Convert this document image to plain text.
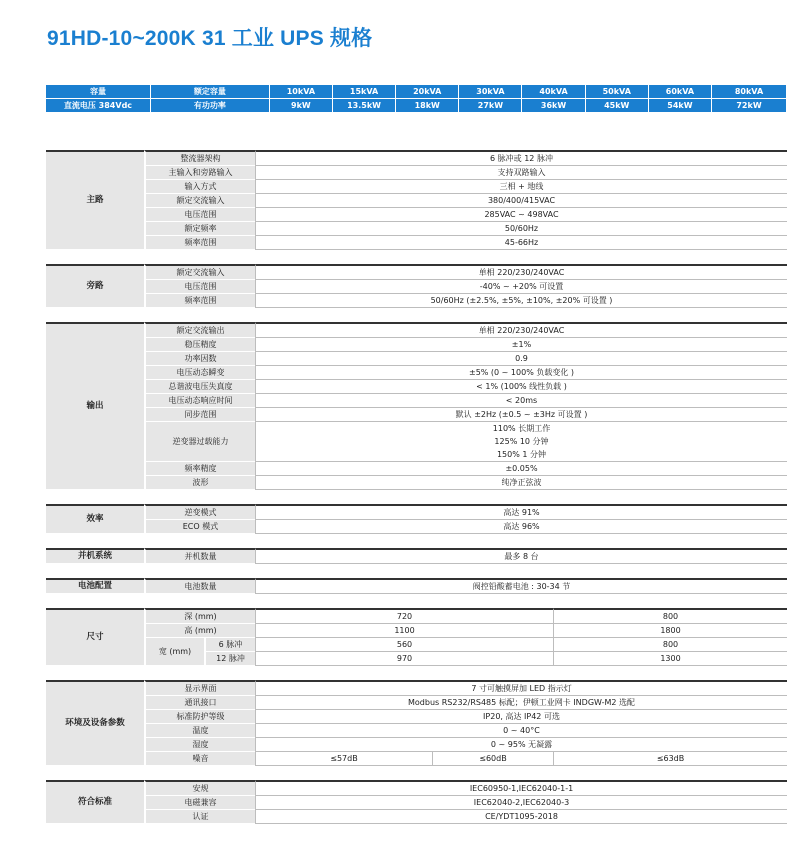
91HD-10~200K 31 工业 UPS 规格
容量	额定容量	10kVA	15kVA	20kVA	30kVA	40kVA	50kVA	60kVA	80kVA
直流电压 384Vdc	有功功率	9kW	13.5kW	18kW	27kW	36kW	45kW	54kW	72kW
主路	整流器架构	6 脉冲或 12 脉冲
	主输入和旁路输入	支持双路输入
	输入方式	三相 + 地线
	额定交流输入	380/400/415VAC
	电压范围	285VAC ~ 498VAC
	额定频率	50/60Hz
	频率范围	45-66Hz
旁路	额定交流输入	单相 220/230/240VAC
	电压范围	-40% ~ +20% 可设置
	频率范围	50/60Hz (±2.5%, ±5%, ±10%, ±20% 可设置 )
输出	额定交流输出	单相 220/230/240VAC
	稳压精度	±1%
	功率因数	0.9
	电压动态瞬变	±5% (0 ~ 100% 负载变化 )
	总谐波电压失真度	< 1% (100% 线性负载 )
	电压动态响应时间	< 20ms
	同步范围	默认 ±2Hz (±0.5 ~ ±3Hz 可设置 )
	逆变器过载能力	110% 长期工作
125% 10 分钟
150% 1 分钟

	频率精度	±0.05%
	波形	纯净正弦波
效率	逆变模式	高达 91%
	ECO 模式	高达 96%
并机系统	并机数量	最多 8 台
电池配置	电池数量	阀控铅酸蓄电池 : 30-34 节
尺寸	深 (mm)		720	800
	高 (mm)		1100	1800
	宽 (mm)	6 脉冲	560	800
		12 脉冲	970	1300
环境及设备参数	显示界面	7 寸可触摸屏加 LED 指示灯		
	通讯接口	Modbus RS232/RS485 标配；伊顿工业网卡 INDGW-M2 选配		
	标准防护等级	IP20, 高达 IP42 可选		
	温度	0 ~ 40°C		
	湿度	0 ~ 95% 无凝露		
	噪音	≤57dB	≤60dB	≤63dB
符合标准	安规	IEC60950-1,IEC62040-1-1
	电磁兼容	IEC62040-2,IEC62040-3
	认证	CE/YDT1095-2018
